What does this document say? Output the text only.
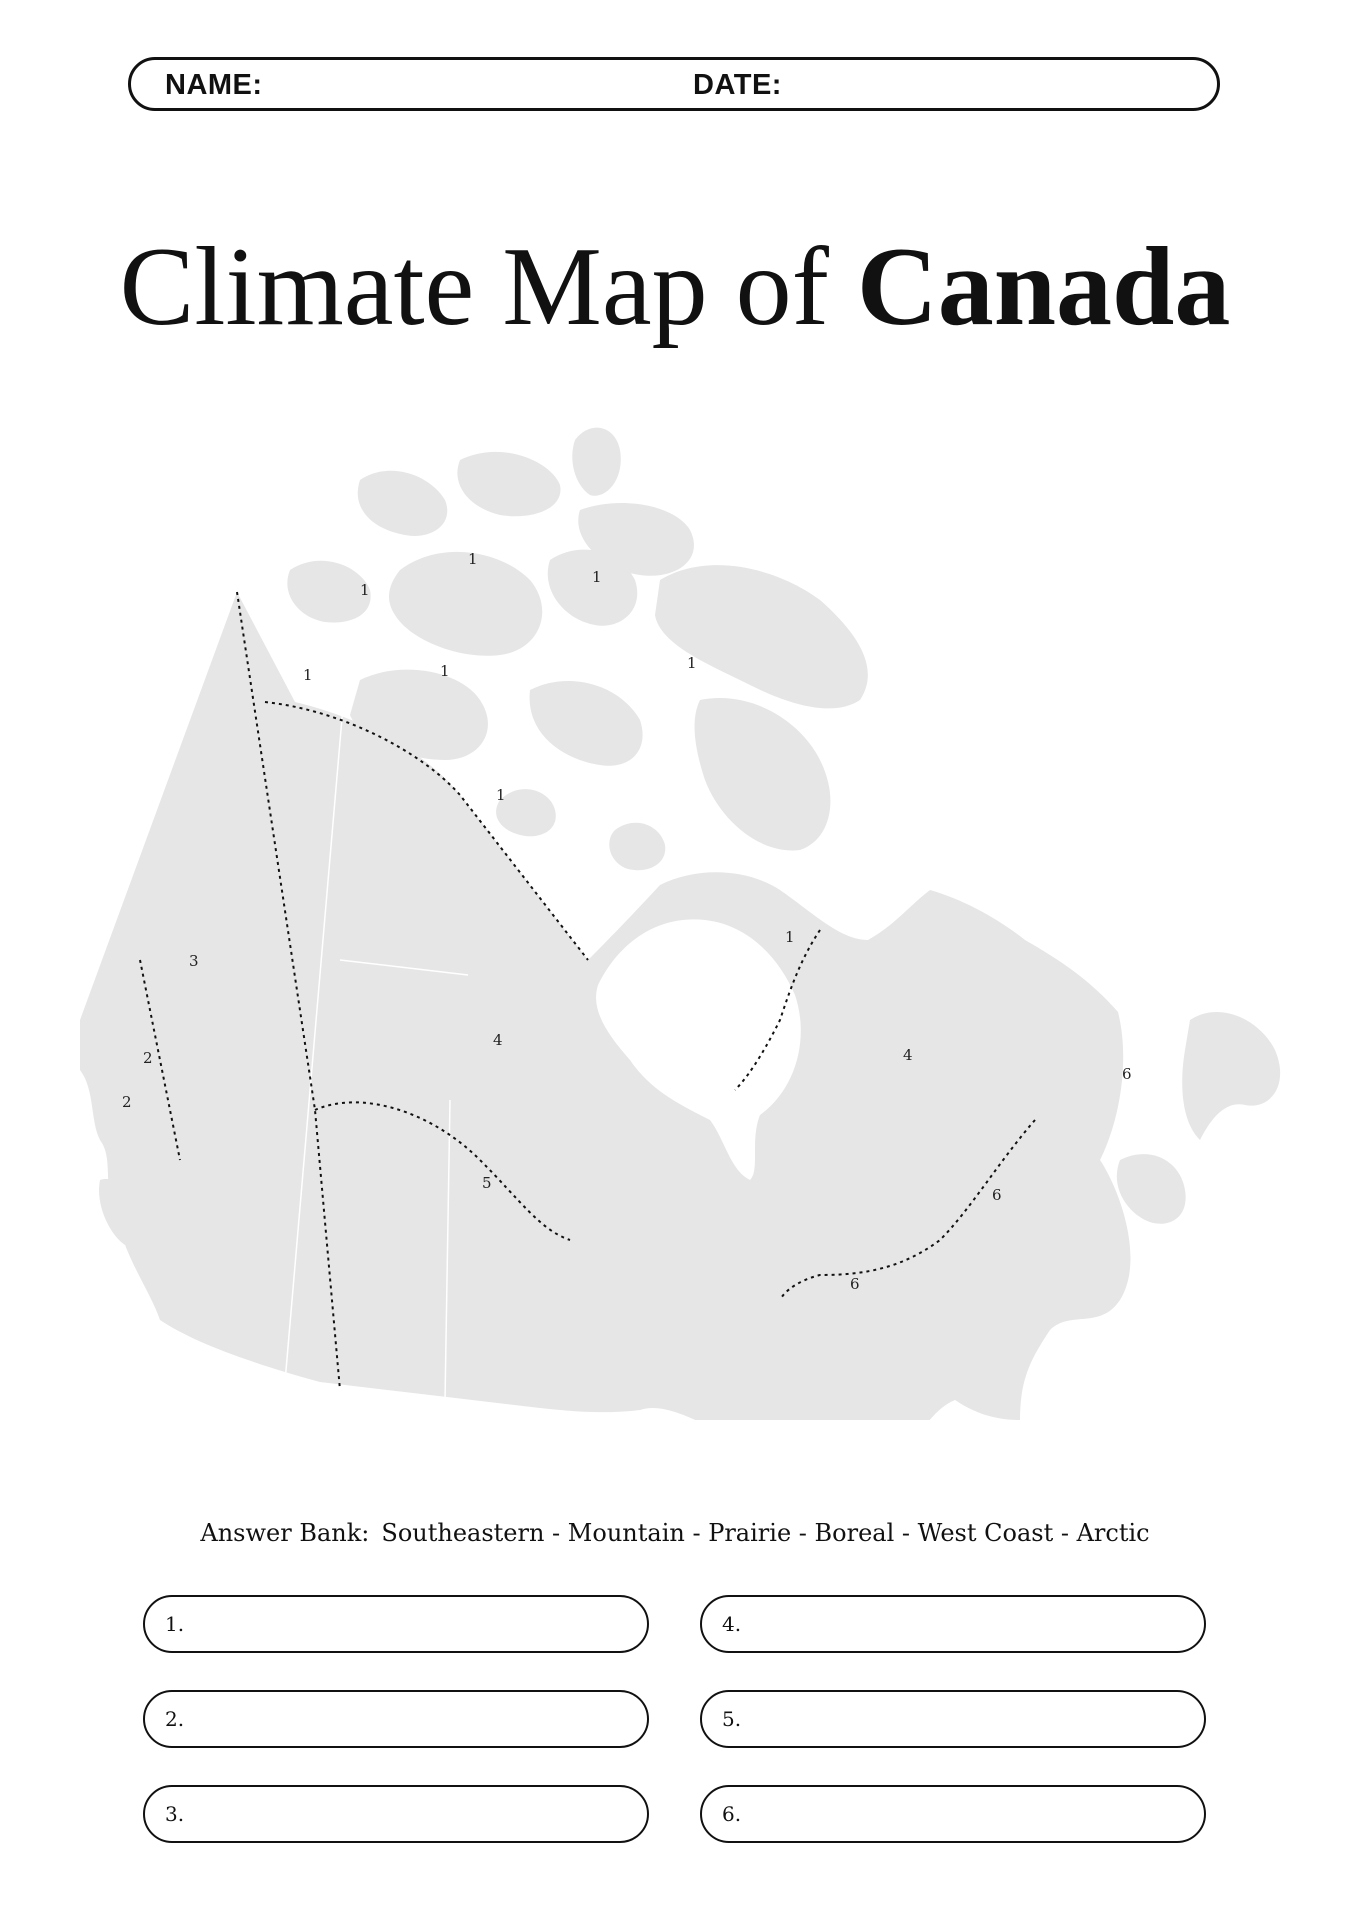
NAME:	DATE:
Climate Map of Canada
1
1
1
1	1	1
1
1
3
2
2
4
4
5
6
6
6
Answer Bank: Southeastern - Mountain - Prairie - Boreal - West Coast - Arctic
1.
2.
3.
4.
5.
6.
